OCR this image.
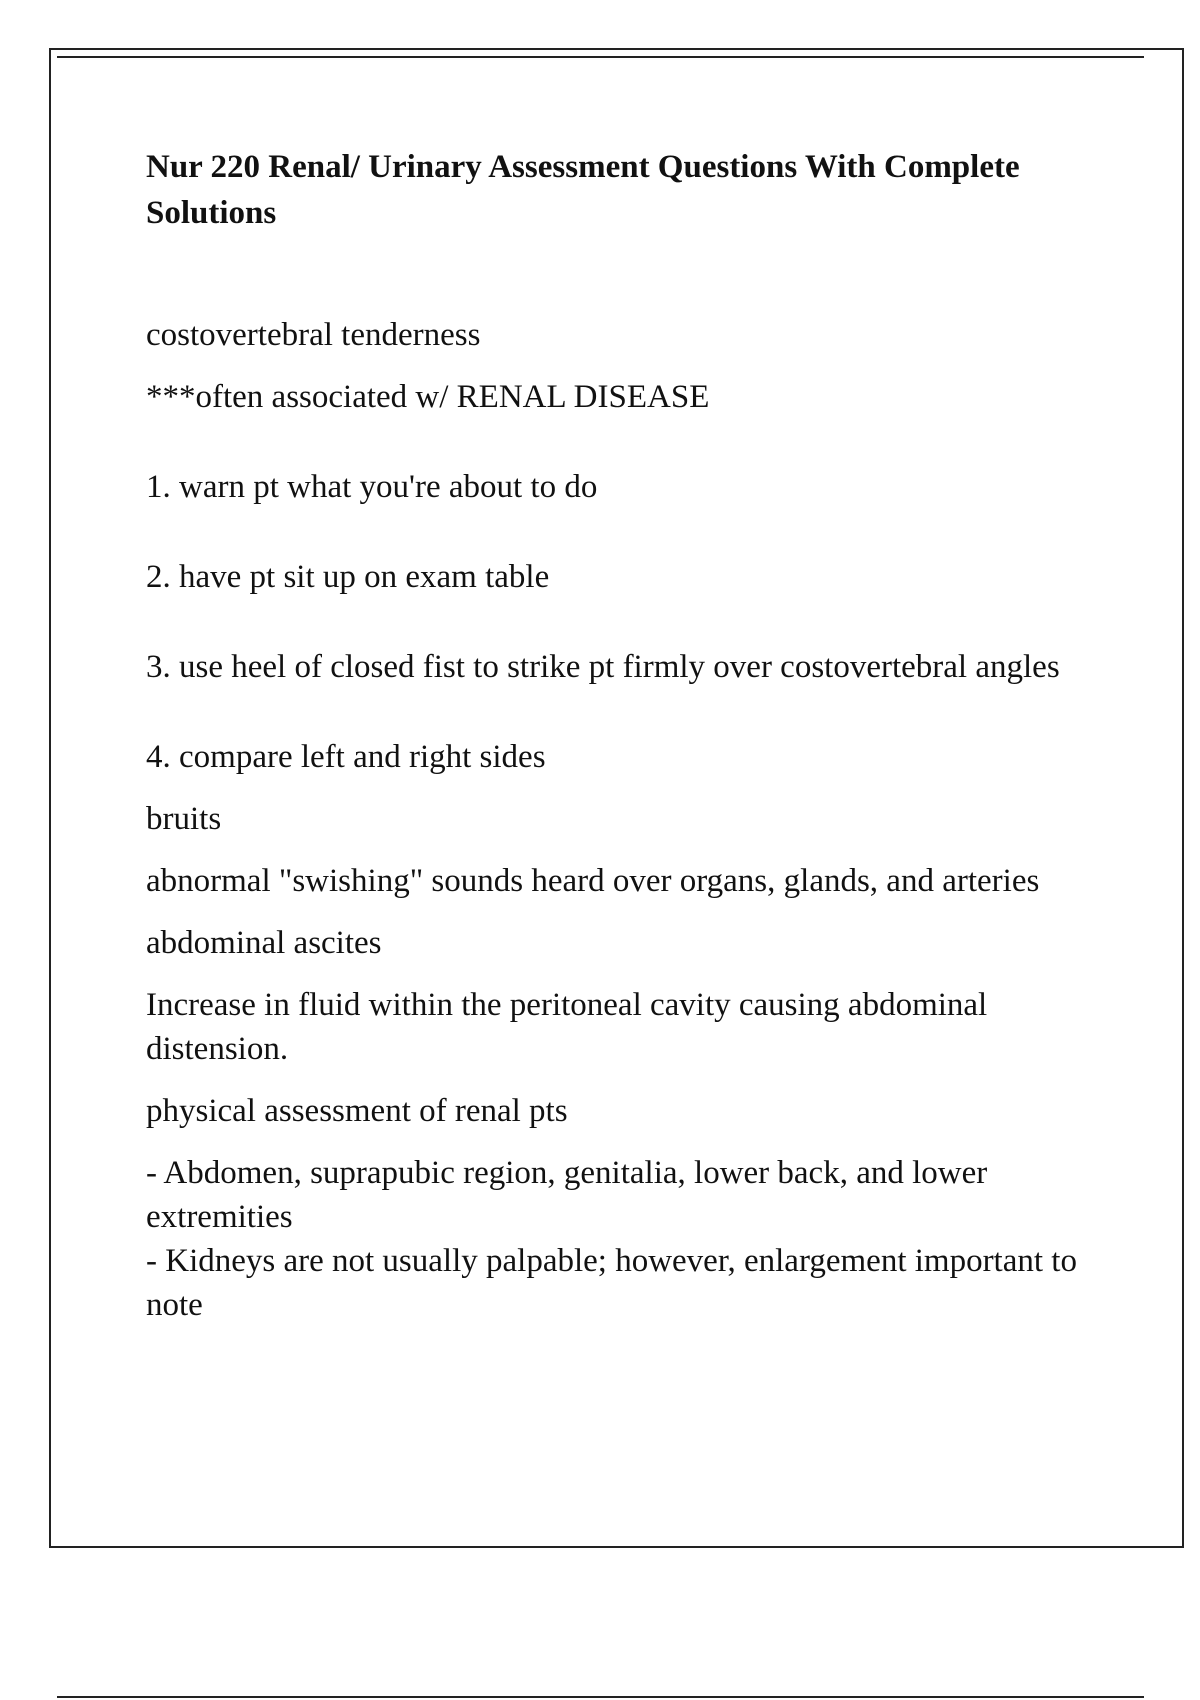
Nur 220 Renal/ Urinary Assessment Questions With Complete Solutions

costovertebral tenderness

***often associated w/ RENAL DISEASE

1. warn pt what you're about to do

2. have pt sit up on exam table

3. use heel of closed fist to strike pt firmly over costovertebral angles

4. compare left and right sides

bruits

abnormal "swishing" sounds heard over organs, glands, and arteries

abdominal ascites

Increase in fluid within the peritoneal cavity causing abdominal distension.

physical assessment of renal pts

- Abdomen, suprapubic region, genitalia, lower back, and lower extremities
- Kidneys are not usually palpable; however, enlargement important to note
